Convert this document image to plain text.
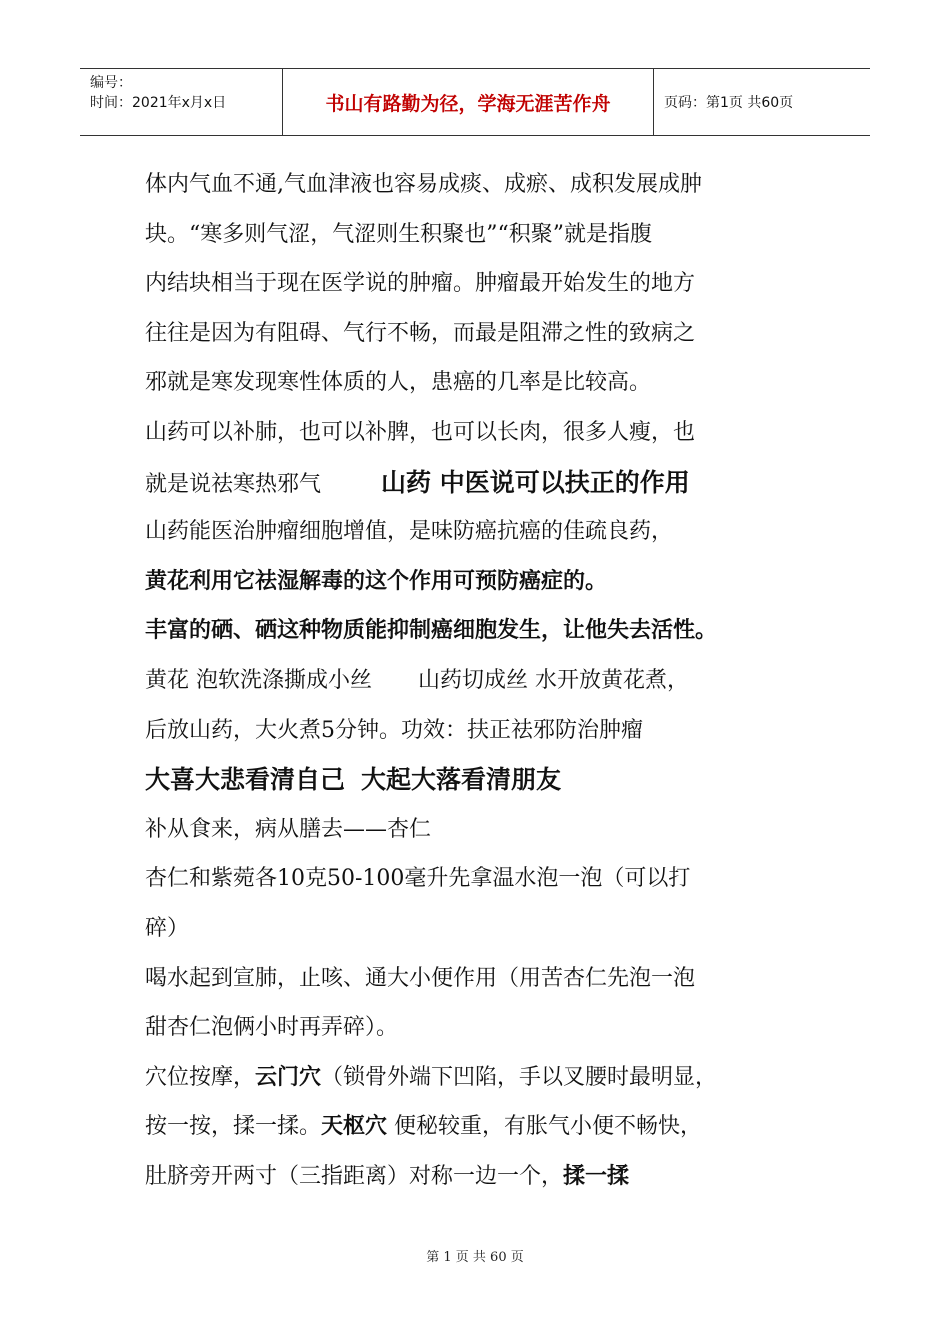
编号：
时间：2021年x月x日	书山有路勤为径，学海无涯苦作舟	页码：第1页 共60页
体内气血不通,气血津液也容易成痰、成瘀、成积发展成肿
块。“寒多则气涩，气涩则生积聚也”“积聚”就是指腹
内结块相当于现在医学说的肿瘤。肿瘤最开始发生的地方
往往是因为有阻碍、气行不畅，而最是阻滞之性的致病之
邪就是寒发现寒性体质的人，患癌的几率是比较高。
山药可以补肺，也可以补脾，也可以长肉，很多人瘦，也
就是说祛寒热邪气 山药 中医说可以扶正的作用
山药能医治肿瘤细胞增值，是味防癌抗癌的佳疏良药，
黄花利用它祛湿解毒的这个作用可预防癌症的。
丰富的硒、硒这种物质能抑制癌细胞发生，让他失去活性。
黄花 泡软洗涤撕成小丝 山药切成丝 水开放黄花煮，
后放山药，大火煮5分钟。功效：扶正祛邪防治肿瘤
大喜大悲看清自己 大起大落看清朋友
补从食来，病从膳去——杏仁
杏仁和紫菀各10克50-100毫升先拿温水泡一泡（可以打
碎）
喝水起到宣肺，止咳、通大小便作用（用苦杏仁先泡一泡
甜杏仁泡俩小时再弄碎）。
穴位按摩，云门穴（锁骨外端下凹陷，手以叉腰时最明显，
按一按，揉一揉。天枢穴 便秘较重，有胀气小便不畅快，
肚脐旁开两寸（三指距离）对称一边一个，揉一揉
第 1 页 共 60 页
